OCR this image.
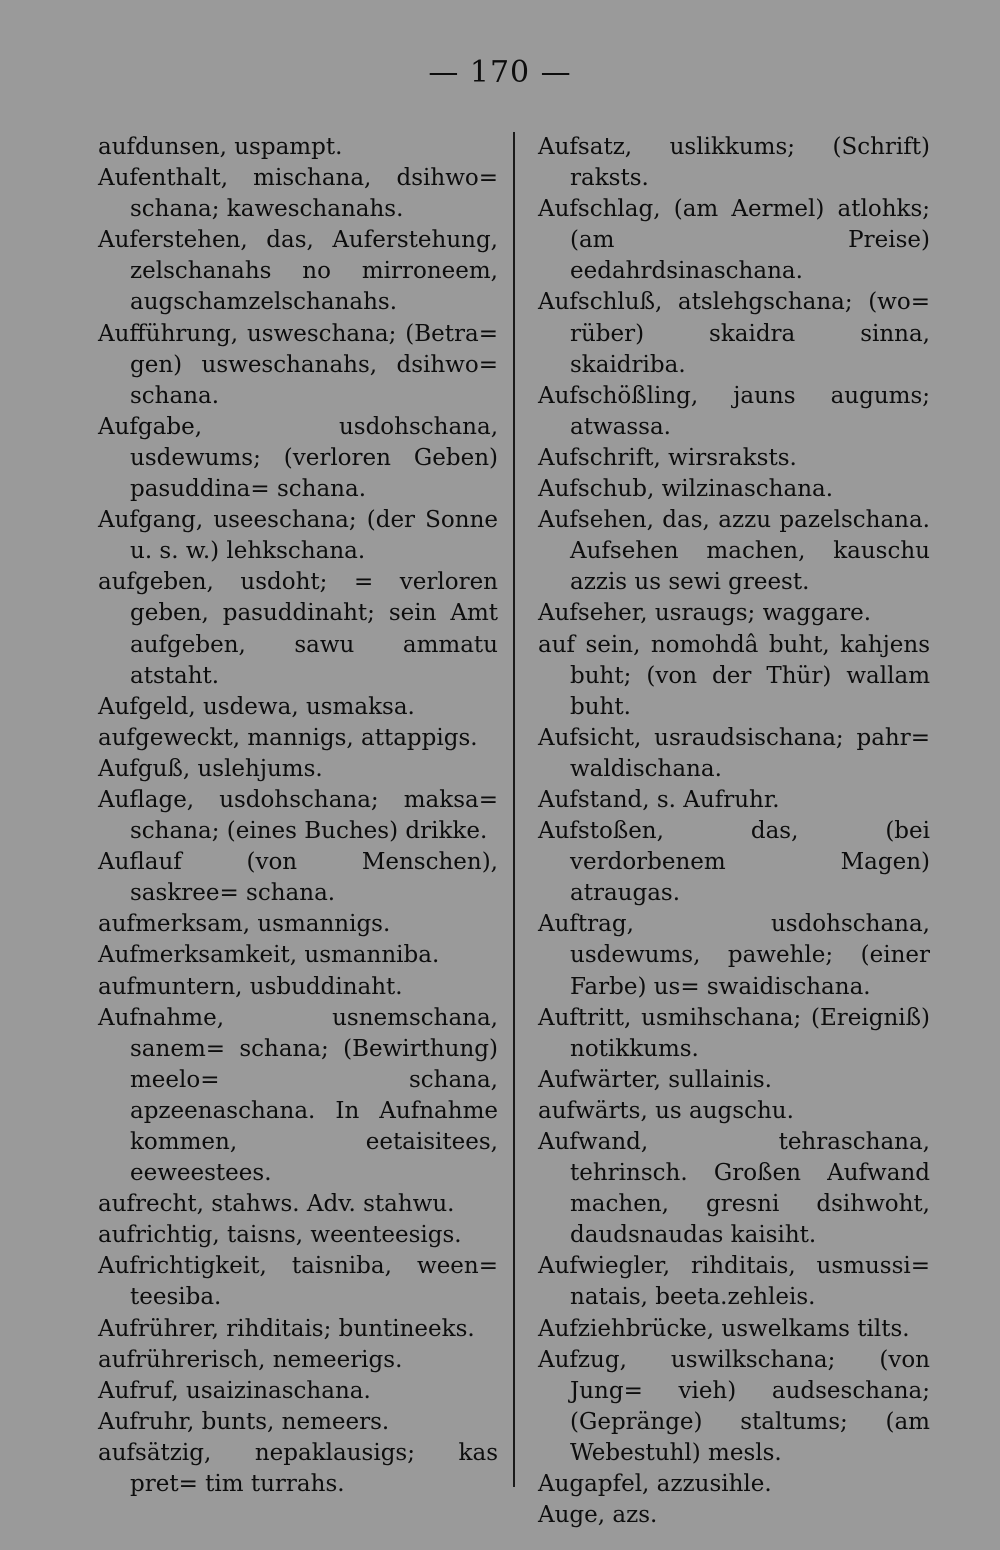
— 170 —
aufdunsen, uspampt.
Aufenthalt, mischana, dsihwo= schana; kaweschanahs.
Auferstehen, das, Auferstehung, zelschanahs no mirroneem, augschamzelschanahs.
Aufführung, usweschana; (Betra= gen) usweschanahs, dsihwo= schana.
Aufgabe, usdohschana, usdewums; (verloren Geben) pasuddina= schana.
Aufgang, useeschana; (der Sonne u. s. w.) lehkschana.
aufgeben, usdoht; = verloren geben, pasuddinaht; sein Amt aufgeben, sawu ammatu atstaht.
Aufgeld, usdewa, usmaksa.
aufgeweckt, mannigs, attappigs.
Aufguß, uslehjums.
Auflage, usdohschana; maksa= schana; (eines Buches) drikke.
Auflauf (von Menschen), saskree= schana.
aufmerksam, usmannigs.
Aufmerksamkeit, usmanniba.
aufmuntern, usbuddinaht.
Aufnahme, usnemschana, sanem= schana; (Bewirthung) meelo= schana, apzeenaschana. In Aufnahme kommen, eetaisitees, eeweestees.
aufrecht, stahws. Adv. stahwu.
aufrichtig, taisns, weenteesigs.
Aufrichtigkeit, taisniba, ween= teesiba.
Aufrührer, rihditais; buntineeks.
aufrührerisch, nemeerigs.
Aufruf, usaizinaschana.
Aufruhr, bunts, nemeers.
aufsätzig, nepaklausigs; kas pret= tim turrahs.
Aufsatz, uslikkums; (Schrift) raksts.
Aufschlag, (am Aermel) atlohks; (am Preise) eedahrdsinaschana.
Aufschluß, atslehgschana; (wo= rüber) skaidra sinna, skaidriba.
Aufschößling, jauns augums; atwassa.
Aufschrift, wirsraksts.
Aufschub, wilzinaschana.
Aufsehen, das, azzu pazelschana. Aufsehen machen, kauschu azzis us sewi greest.
Aufseher, usraugs; waggare.
auf sein, nomohdâ buht, kahjens buht; (von der Thür) wallam buht.
Aufsicht, usraudsischana; pahr= waldischana.
Aufstand, s. Aufruhr.
Aufstoßen, das, (bei verdorbenem Magen) atraugas.
Auftrag, usdohschana, usdewums, pawehle; (einer Farbe) us= swaidischana.
Auftritt, usmihschana; (Ereigniß) notikkums.
Aufwärter, sullainis.
aufwärts, us augschu.
Aufwand, tehraschana, tehrinsch. Großen Aufwand machen, gresni dsihwoht, daudsnaudas kaisiht.
Aufwiegler, rihditais, usmussi= natais, beeta.zehleis.
Aufziehbrücke, uswelkams tilts.
Aufzug, uswilkschana; (von Jung= vieh) audseschana; (Gepränge) staltums; (am Webestuhl) mesls.
Augapfel, azzusihle.
Auge, azs.
